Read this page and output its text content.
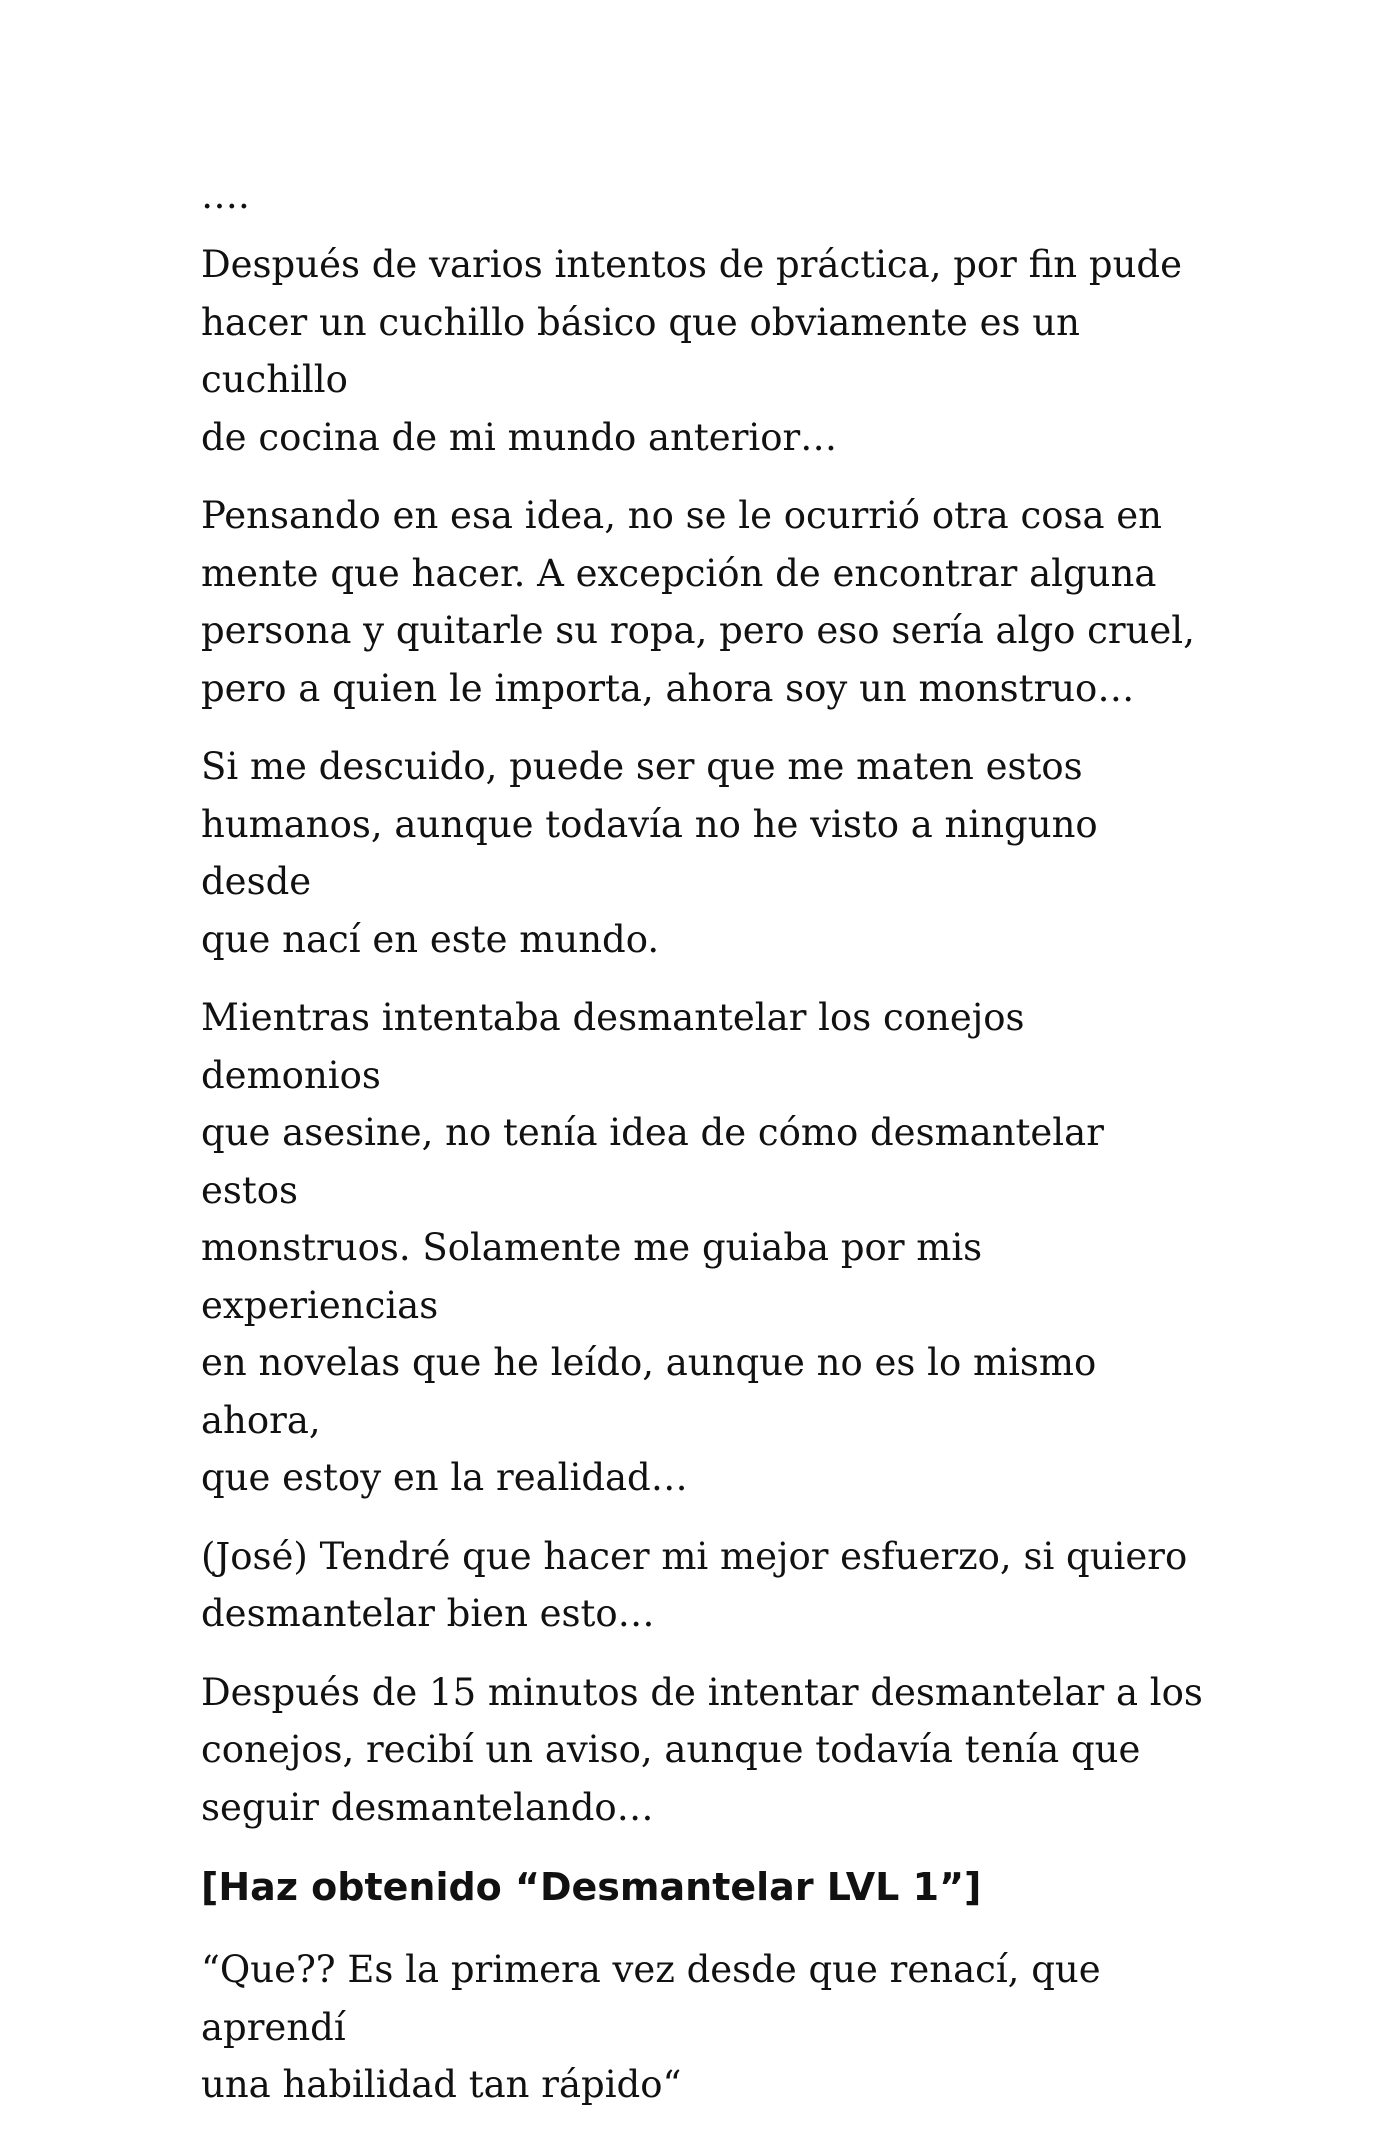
….

Después de varios intentos de práctica, por fin pude
hacer un cuchillo básico que obviamente es un cuchillo
de cocina de mi mundo anterior…

Pensando en esa idea, no se le ocurrió otra cosa en
mente que hacer. A excepción de encontrar alguna
persona y quitarle su ropa, pero eso sería algo cruel,
pero a quien le importa, ahora soy un monstruo…

Si me descuido, puede ser que me maten estos
humanos, aunque todavía no he visto a ninguno desde
que nací en este mundo.

Mientras intentaba desmantelar los conejos demonios
que asesine, no tenía idea de cómo desmantelar estos
monstruos. Solamente me guiaba por mis experiencias
en novelas que he leído, aunque no es lo mismo ahora,
que estoy en la realidad…

(José) Tendré que hacer mi mejor esfuerzo, si quiero
desmantelar bien esto…

Después de 15 minutos de intentar desmantelar a los
conejos, recibí un aviso, aunque todavía tenía que
seguir desmantelando…

[Haz obtenido “Desmantelar LVL 1”]

“Que?? Es la primera vez desde que renací, que aprendí
una habilidad tan rápido“
